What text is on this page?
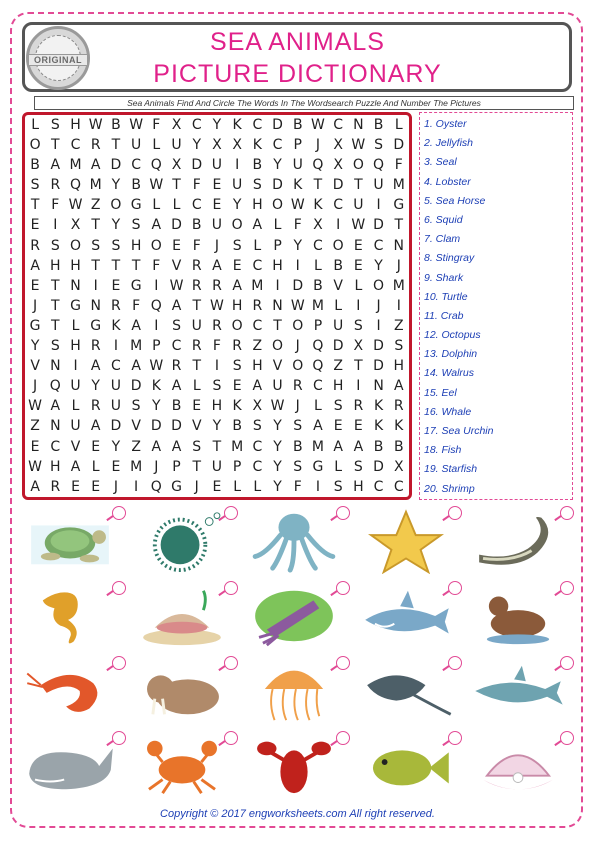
ORIGINAL
SEA ANIMALS
PICTURE DICTIONARY
Sea Animals Find And Circle The Words In The Wordsearch Puzzle And Number The Pictures
L S H W B W F X C Y K C D B W C N B L
O T C R T U L U Y X X K C P J X W S D
B A M A D C Q X D U I B Y U Q X O Q F
S R Q M Y B W T F E U S D K T D T U M
T F W Z O G L L C E Y H O W K C U I G
E I X T Y S A D B U O A L F X I W D T
R S O S S H O E F	J S L P Y C O E C N
A H H T T T F V R A E C H I	L B E Y J
E T N I E G I W R R A M I D B V L O M
J T G N R F Q A T W H R N W M L	I	J	I
G T L G K A I S U R O C T O P U S I Z
Y S H R I M P C R F R Z O J Q D X D S
V N I A C A W R T I S H V O Q Z T D H
J Q U Y U D K A L S E A U R C H I N A
W A L R U S Y B E H K X W J	L S R K R
Z N U A D V D D V Y B S Y S A E E K K
E C V E Y Z A A S T M C Y B M A A B B
W H A L E M J P T U P C Y S G L S D X
A R E E J	I Q G J E L L Y F	I S H C C
1. Oyster
2. Jellyfish
3. Seal
4. Lobster
5. Sea Horse
6. Squid
7. Clam
8. Stingray
9. Shark
10. Turtle
11. Crab
12. Octopus
13. Dolphin
14. Walrus
15. Eel
16. Whale
17. Sea Urchin
18. Fish
19. Starfish
20. Shrimp
Copyright © 2017 engworksheets.com All right reserved.
